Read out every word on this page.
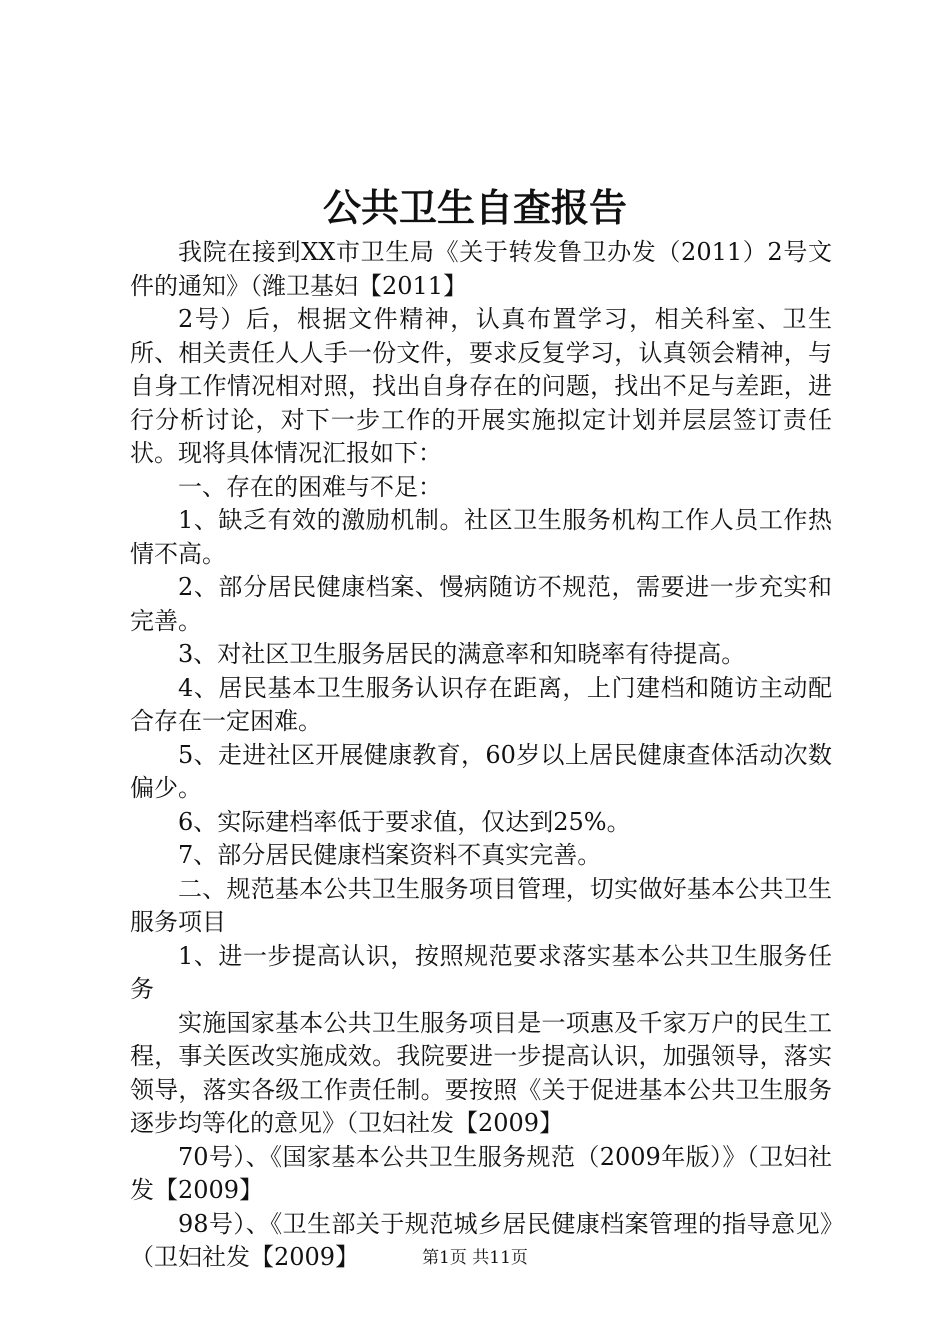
公共卫生自查报告

我院在接到XX市卫生局《关于转发鲁卫办发（2011）2号文件的通知》（潍卫基妇【2011】

2号）后，根据文件精神，认真布置学习，相关科室、卫生所、相关责任人人手一份文件，要求反复学习，认真领会精神，与自身工作情况相对照，找出自身存在的问题，找出不足与差距，进行分析讨论，对下一步工作的开展实施拟定计划并层层签订责任状。现将具体情况汇报如下：

一、存在的困难与不足：

1、缺乏有效的激励机制。社区卫生服务机构工作人员工作热情不高。

2、部分居民健康档案、慢病随访不规范，需要进一步充实和完善。

3、对社区卫生服务居民的满意率和知晓率有待提高。

4、居民基本卫生服务认识存在距离，上门建档和随访主动配合存在一定困难。

5、走进社区开展健康教育，60岁以上居民健康查体活动次数偏少。

6、实际建档率低于要求值，仅达到25%。

7、部分居民健康档案资料不真实完善。

二、规范基本公共卫生服务项目管理，切实做好基本公共卫生服务项目

1、进一步提高认识，按照规范要求落实基本公共卫生服务任务

实施国家基本公共卫生服务项目是一项惠及千家万户的民生工程，事关医改实施成效。我院要进一步提高认识，加强领导，落实领导，落实各级工作责任制。要按照《关于促进基本公共卫生服务逐步均等化的意见》（卫妇社发【2009】

70号）、《国家基本公共卫生服务规范（2009年版）》（卫妇社发【2009】

98号）、《卫生部关于规范城乡居民健康档案管理的指导意见》（卫妇社发【2009】	第1页 共11页
